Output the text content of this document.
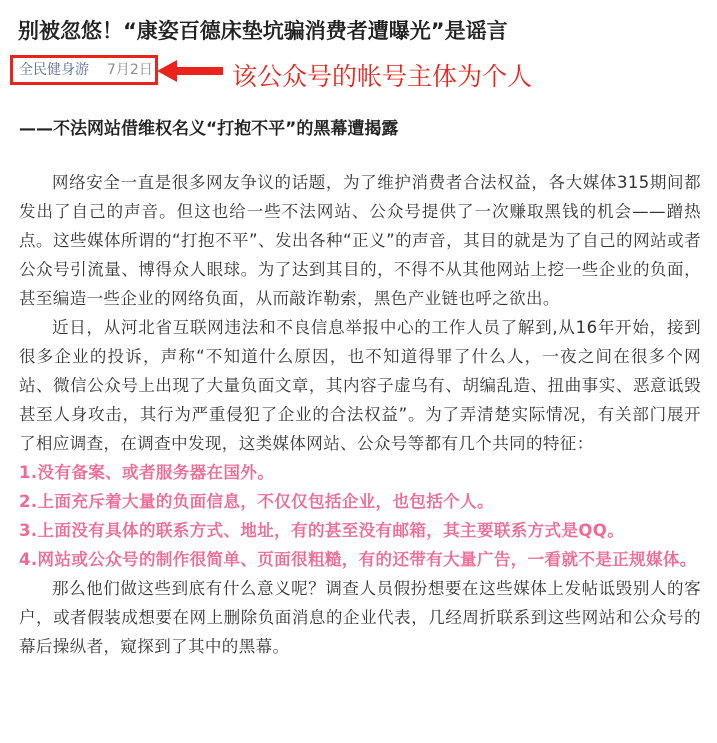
别被忽悠！“康姿百德床垫坑骗消费者遭曝光”是谣言
全民健身游 7月2日	该公众号的帐号主体为个人
——不法网站借维权名义“打抱不平”的黑幕遭揭露

网络安全一直是很多网友争议的话题，为了维护消费者合法权益，各大媒体315期间都发出了自己的声音。但这也给一些不法网站、公众号提供了一次赚取黑钱的机会——蹭热点。这些媒体所谓的“打抱不平”、发出各种“正义”的声音，其目的就是为了自己的网站或者公众号引流量、博得众人眼球。为了达到其目的，不得不从其他网站上挖一些企业的负面，甚至编造一些企业的网络负面，从而敲诈勒索，黑色产业链也呼之欲出。

近日，从河北省互联网违法和不良信息举报中心的工作人员了解到,从16年开始，接到很多企业的投诉，声称“不知道什么原因，也不知道得罪了什么人，一夜之间在很多个网站、微信公众号上出现了大量负面文章，其内容子虚乌有、胡编乱造、扭曲事实、恶意诋毁甚至人身攻击，其行为严重侵犯了企业的合法权益”。为了弄清楚实际情况，有关部门展开了相应调查，在调查中发现，这类媒体网站、公众号等都有几个共同的特征：

1.没有备案、或者服务器在国外。

2.上面充斥着大量的负面信息，不仅仅包括企业，也包括个人。

3.上面没有具体的联系方式、地址，有的甚至没有邮箱，其主要联系方式是QQ。

4.网站或公众号的制作很简单、页面很粗糙，有的还带有大量广告，一看就不是正规媒体。

那么他们做这些到底有什么意义呢？调查人员假扮想要在这些媒体上发帖诋毁别人的客户，或者假装成想要在网上删除负面消息的企业代表，几经周折联系到这些网站和公众号的幕后操纵者，窥探到了其中的黑幕。
